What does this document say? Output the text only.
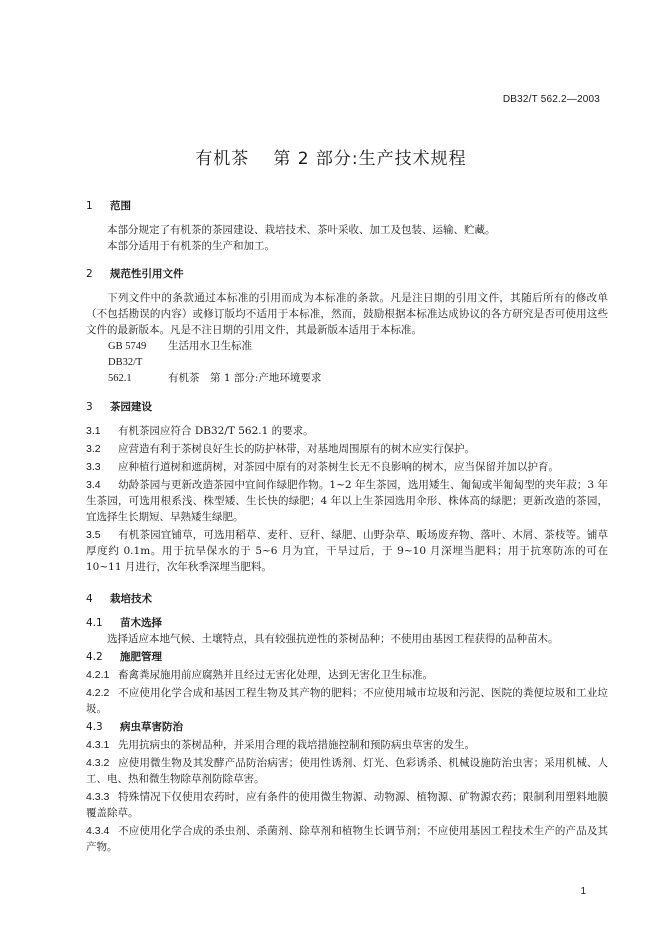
DB32/T 562.2—2003
有机茶 第 2 部分:生产技术规程
1 范围

本部分规定了有机茶的茶园建设、栽培技术、茶叶采收、加工及包装、运输、贮藏。

本部分适用于有机茶的生产和加工。

2 规范性引用文件

下列文件中的条款通过本标准的引用而成为本标准的条款。凡是注日期的引用文件，其随后所有的修改单（不包括勘误的内容）或修订版均不适用于本标准，然而，鼓励根据本标准达成协议的各方研究是否可使用这些文件的最新版本。凡是不注日期的引用文件，其最新版本适用于本标准。

GB 5749 生活用水卫生标准

DB32/T 562.1	有机茶　第 1 部分:产地环境要求

3 茶园建设

3.1 有机茶园应符合 DB32/T 562.1 的要求。

3.2 应营造有利于茶树良好生长的防护林带，对基地周围原有的树木应实行保护。

3.3 应种植行道树和遮荫树，对茶园中原有的对茶树生长无不良影响的树木，应当保留并加以护育。

3.4 幼龄茶园与更新改造茶园中宜间作绿肥作物。1~2 年生茶园，选用矮生、匍匐或半匍匐型的夹年菽；3 年生茶园，可选用根系浅、株型矮、生长快的绿肥；4 年以上生茶园选用伞形、株体高的绿肥；更新改造的茶园，宜选择生长期短、早熟矮生绿肥。

3.5 有机茶园宜铺草，可选用稻草、麦秆、豆秆、绿肥、山野杂草、畈场废弃物、落叶、木屑、茶枝等。铺草厚度约 0.1m。用于抗旱保水的于 5~6 月为宜，干旱过后，于 9~10 月深埋当肥料；用于抗寒防冻的可在 10~11 月进行，次年秋季深埋当肥料。

4 栽培技术
4.1 苗木选择

选择适应本地气候、土壤特点，具有较强抗逆性的茶树品种；不使用由基因工程获得的品种苗木。

4.2 施肥管理

4.2.1 畜禽粪尿施用前应腐熟并且经过无害化处理，达到无害化卫生标准。

4.2.2 不应使用化学合成和基因工程生物及其产物的肥料；不应使用城市垃圾和污泥、医院的粪便垃圾和工业垃圾。

4.3 病虫草害防治

4.3.1 先用抗病虫的茶树品种，并采用合理的栽培措施控制和预防病虫草害的发生。

4.3.2 应使用微生物及其发酵产品防治病害；使用性诱剂、灯光、色彩诱杀、机械设施防治虫害；采用机械、人工、电、热和微生物除草剂防除草害。

4.3.3 特殊情况下仅使用农药时，应有条件的使用微生物源、动物源、植物源、矿物源农药；限制利用塑料地膜覆盖除草。

4.3.4 不应使用化学合成的杀虫剂、杀菌剂、除草剂和植物生长调节剂；不应使用基因工程技术生产的产品及其产物。

1
